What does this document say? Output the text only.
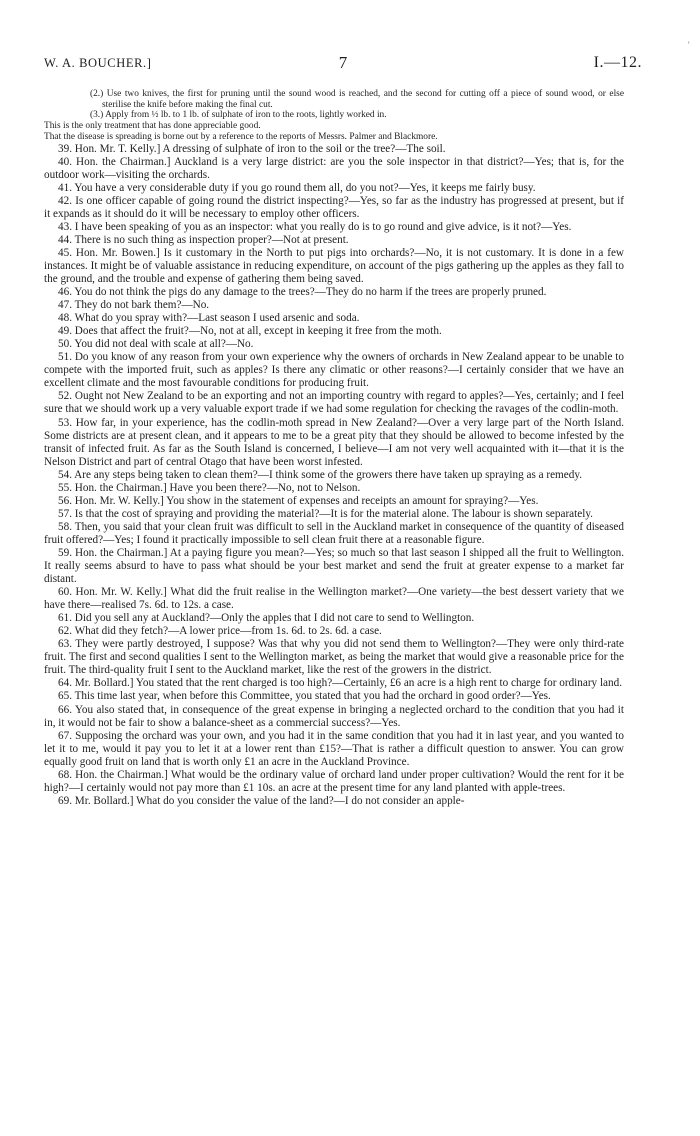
W. A. BOUCHER.]	7	I.—12.
'

(2.) Use two knives, the first for pruning until the sound wood is reached, and the second for cutting off a piece of sound wood, or else sterilise the knife before making the final cut.

(3.) Apply from ½ lb. to 1 lb. of sulphate of iron to the roots, lightly worked in.

This is the only treatment that has done appreciable good.

That the disease is spreading is borne out by a reference to the reports of Messrs. Palmer and Blackmore.

39. Hon. Mr. T. Kelly.] A dressing of sulphate of iron to the soil or the tree?—The soil.

40. Hon. the Chairman.] Auckland is a very large district: are you the sole inspector in that district?—Yes; that is, for the outdoor work—visiting the orchards.

41. You have a very considerable duty if you go round them all, do you not?—Yes, it keeps me fairly busy.

42. Is one officer capable of going round the district inspecting?—Yes, so far as the industry has progressed at present, but if it expands as it should do it will be necessary to employ other officers.

43. I have been speaking of you as an inspector: what you really do is to go round and give advice, is it not?—Yes.

44. There is no such thing as inspection proper?—Not at present.

45. Hon. Mr. Bowen.] Is it customary in the North to put pigs into orchards?—No, it is not customary. It is done in a few instances. It might be of valuable assistance in reducing expenditure, on account of the pigs gathering up the apples as they fall to the ground, and the trouble and expense of gathering them being saved.

46. You do not think the pigs do any damage to the trees?—They do no harm if the trees are properly pruned.

47. They do not bark them?—No.

48. What do you spray with?—Last season I used arsenic and soda.

49. Does that affect the fruit?—No, not at all, except in keeping it free from the moth.

50. You did not deal with scale at all?—No.

51. Do you know of any reason from your own experience why the owners of orchards in New Zealand appear to be unable to compete with the imported fruit, such as apples? Is there any climatic or other reasons?—I certainly consider that we have an excellent climate and the most favourable conditions for producing fruit.

52. Ought not New Zealand to be an exporting and not an importing country with regard to apples?—Yes, certainly; and I feel sure that we should work up a very valuable export trade if we had some regulation for checking the ravages of the codlin-moth.

53. How far, in your experience, has the codlin-moth spread in New Zealand?—Over a very large part of the North Island. Some districts are at present clean, and it appears to me to be a great pity that they should be allowed to become infested by the transit of infected fruit. As far as the South Island is concerned, I believe—I am not very well acquainted with it—that it is the Nelson District and part of central Otago that have been worst infested.

54. Are any steps being taken to clean them?—I think some of the growers there have taken up spraying as a remedy.

55. Hon. the Chairman.] Have you been there?—No, not to Nelson.

56. Hon. Mr. W. Kelly.] You show in the statement of expenses and receipts an amount for spraying?—Yes.

57. Is that the cost of spraying and providing the material?—It is for the material alone. The labour is shown separately.

58. Then, you said that your clean fruit was difficult to sell in the Auckland market in consequence of the quantity of diseased fruit offered?—Yes; I found it practically impossible to sell clean fruit there at a reasonable figure.

59. Hon. the Chairman.] At a paying figure you mean?—Yes; so much so that last season I shipped all the fruit to Wellington. It really seems absurd to have to pass what should be your best market and send the fruit at greater expense to a market far distant.

60. Hon. Mr. W. Kelly.] What did the fruit realise in the Wellington market?—One variety—the best dessert variety that we have there—realised 7s. 6d. to 12s. a case.

61. Did you sell any at Auckland?—Only the apples that I did not care to send to Wellington.

62. What did they fetch?—A lower price—from 1s. 6d. to 2s. 6d. a case.

63. They were partly destroyed, I suppose? Was that why you did not send them to Wellington?—They were only third-rate fruit. The first and second qualities I sent to the Wellington market, as being the market that would give a reasonable price for the fruit. The third-quality fruit I sent to the Auckland market, like the rest of the growers in the district.

64. Mr. Bollard.] You stated that the rent charged is too high?—Certainly, £6 an acre is a high rent to charge for ordinary land.

65. This time last year, when before this Committee, you stated that you had the orchard in good order?—Yes.

66. You also stated that, in consequence of the great expense in bringing a neglected orchard to the condition that you had it in, it would not be fair to show a balance-sheet as a commercial success?—Yes.

67. Supposing the orchard was your own, and you had it in the same condition that you had it in last year, and you wanted to let it to me, would it pay you to let it at a lower rent than £15?—That is rather a difficult question to answer. You can grow equally good fruit on land that is worth only £1 an acre in the Auckland Province.

68. Hon. the Chairman.] What would be the ordinary value of orchard land under proper cultivation? Would the rent for it be high?—I certainly would not pay more than £1 10s. an acre at the present time for any land planted with apple-trees.

69. Mr. Bollard.] What do you consider the value of the land?—I do not consider an apple-
